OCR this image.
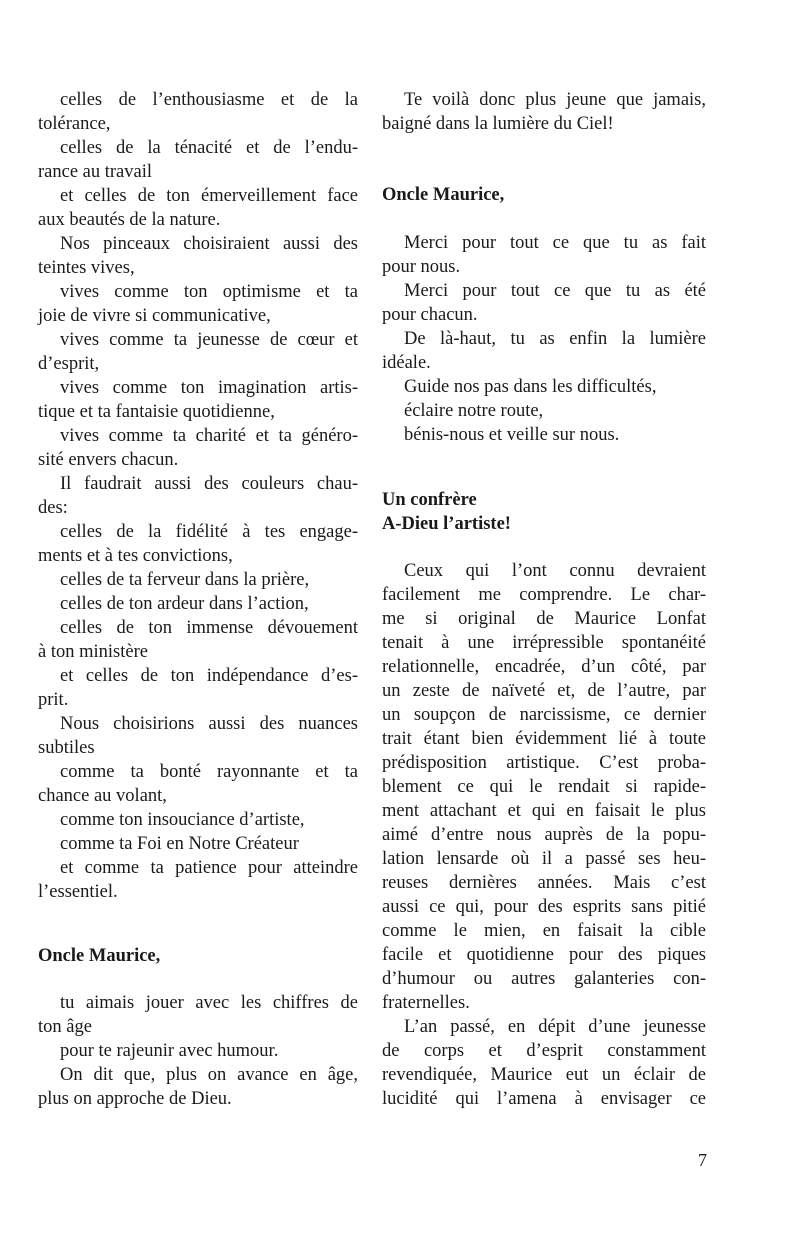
celles de l’enthousiasme et de la
tolérance,
celles de la ténacité et de l’endu-
rance au travail
et celles de ton émerveillement face
aux beautés de la nature.
Nos pinceaux choisiraient aussi des
teintes vives,
vives comme ton optimisme et ta
joie de vivre si communicative,
vives comme ta jeunesse de cœur et
d’esprit,
vives comme ton imagination artis-
tique et ta fantaisie quotidienne,
vives comme ta charité et ta généro-
sité envers chacun.
Il faudrait aussi des couleurs chau-
des:
celles de la fidélité à tes engage-
ments et à tes convictions,
celles de ta ferveur dans la prière,
celles de ton ardeur dans l’action,
celles de ton immense dévouement
à ton ministère
et celles de ton indépendance d’es-
prit.
Nous choisirions aussi des nuances
subtiles
comme ta bonté rayonnante et ta
chance au volant,
comme ton insouciance d’artiste,
comme ta Foi en Notre Créateur
et comme ta patience pour atteindre
l’essentiel.
Oncle Maurice,
tu aimais jouer avec les chiffres de
ton âge
pour te rajeunir avec humour.
On dit que, plus on avance en âge,
plus on approche de Dieu.
Te voilà donc plus jeune que jamais,
baigné dans la lumière du Ciel!
Oncle Maurice,
Merci pour tout ce que tu as fait
pour nous.
Merci pour tout ce que tu as été
pour chacun.
De là-haut, tu as enfin la lumière
idéale.
Guide nos pas dans les difficultés,
éclaire notre route,
bénis-nous et veille sur nous.
Un confrère
A-Dieu l’artiste!
Ceux qui l’ont connu devraient
facilement me comprendre. Le char-
me si original de Maurice Lonfat
tenait à une irrépressible spontanéité
relationnelle, encadrée, d’un côté, par
un zeste de naïveté et, de l’autre, par
un soupçon de narcissisme, ce dernier
trait étant bien évidemment lié à toute
prédisposition artistique. C’est proba-
blement ce qui le rendait si rapide-
ment attachant et qui en faisait le plus
aimé d’entre nous auprès de la popu-
lation lensarde où il a passé ses heu-
reuses dernières années. Mais c’est
aussi ce qui, pour des esprits sans pitié
comme le mien, en faisait la cible
facile et quotidienne pour des piques
d’humour ou autres galanteries con-
fraternelles.
L’an passé, en dépit d’une jeunesse
de corps et d’esprit constamment
revendiquée, Maurice eut un éclair de
lucidité qui l’amena à envisager ce
7
